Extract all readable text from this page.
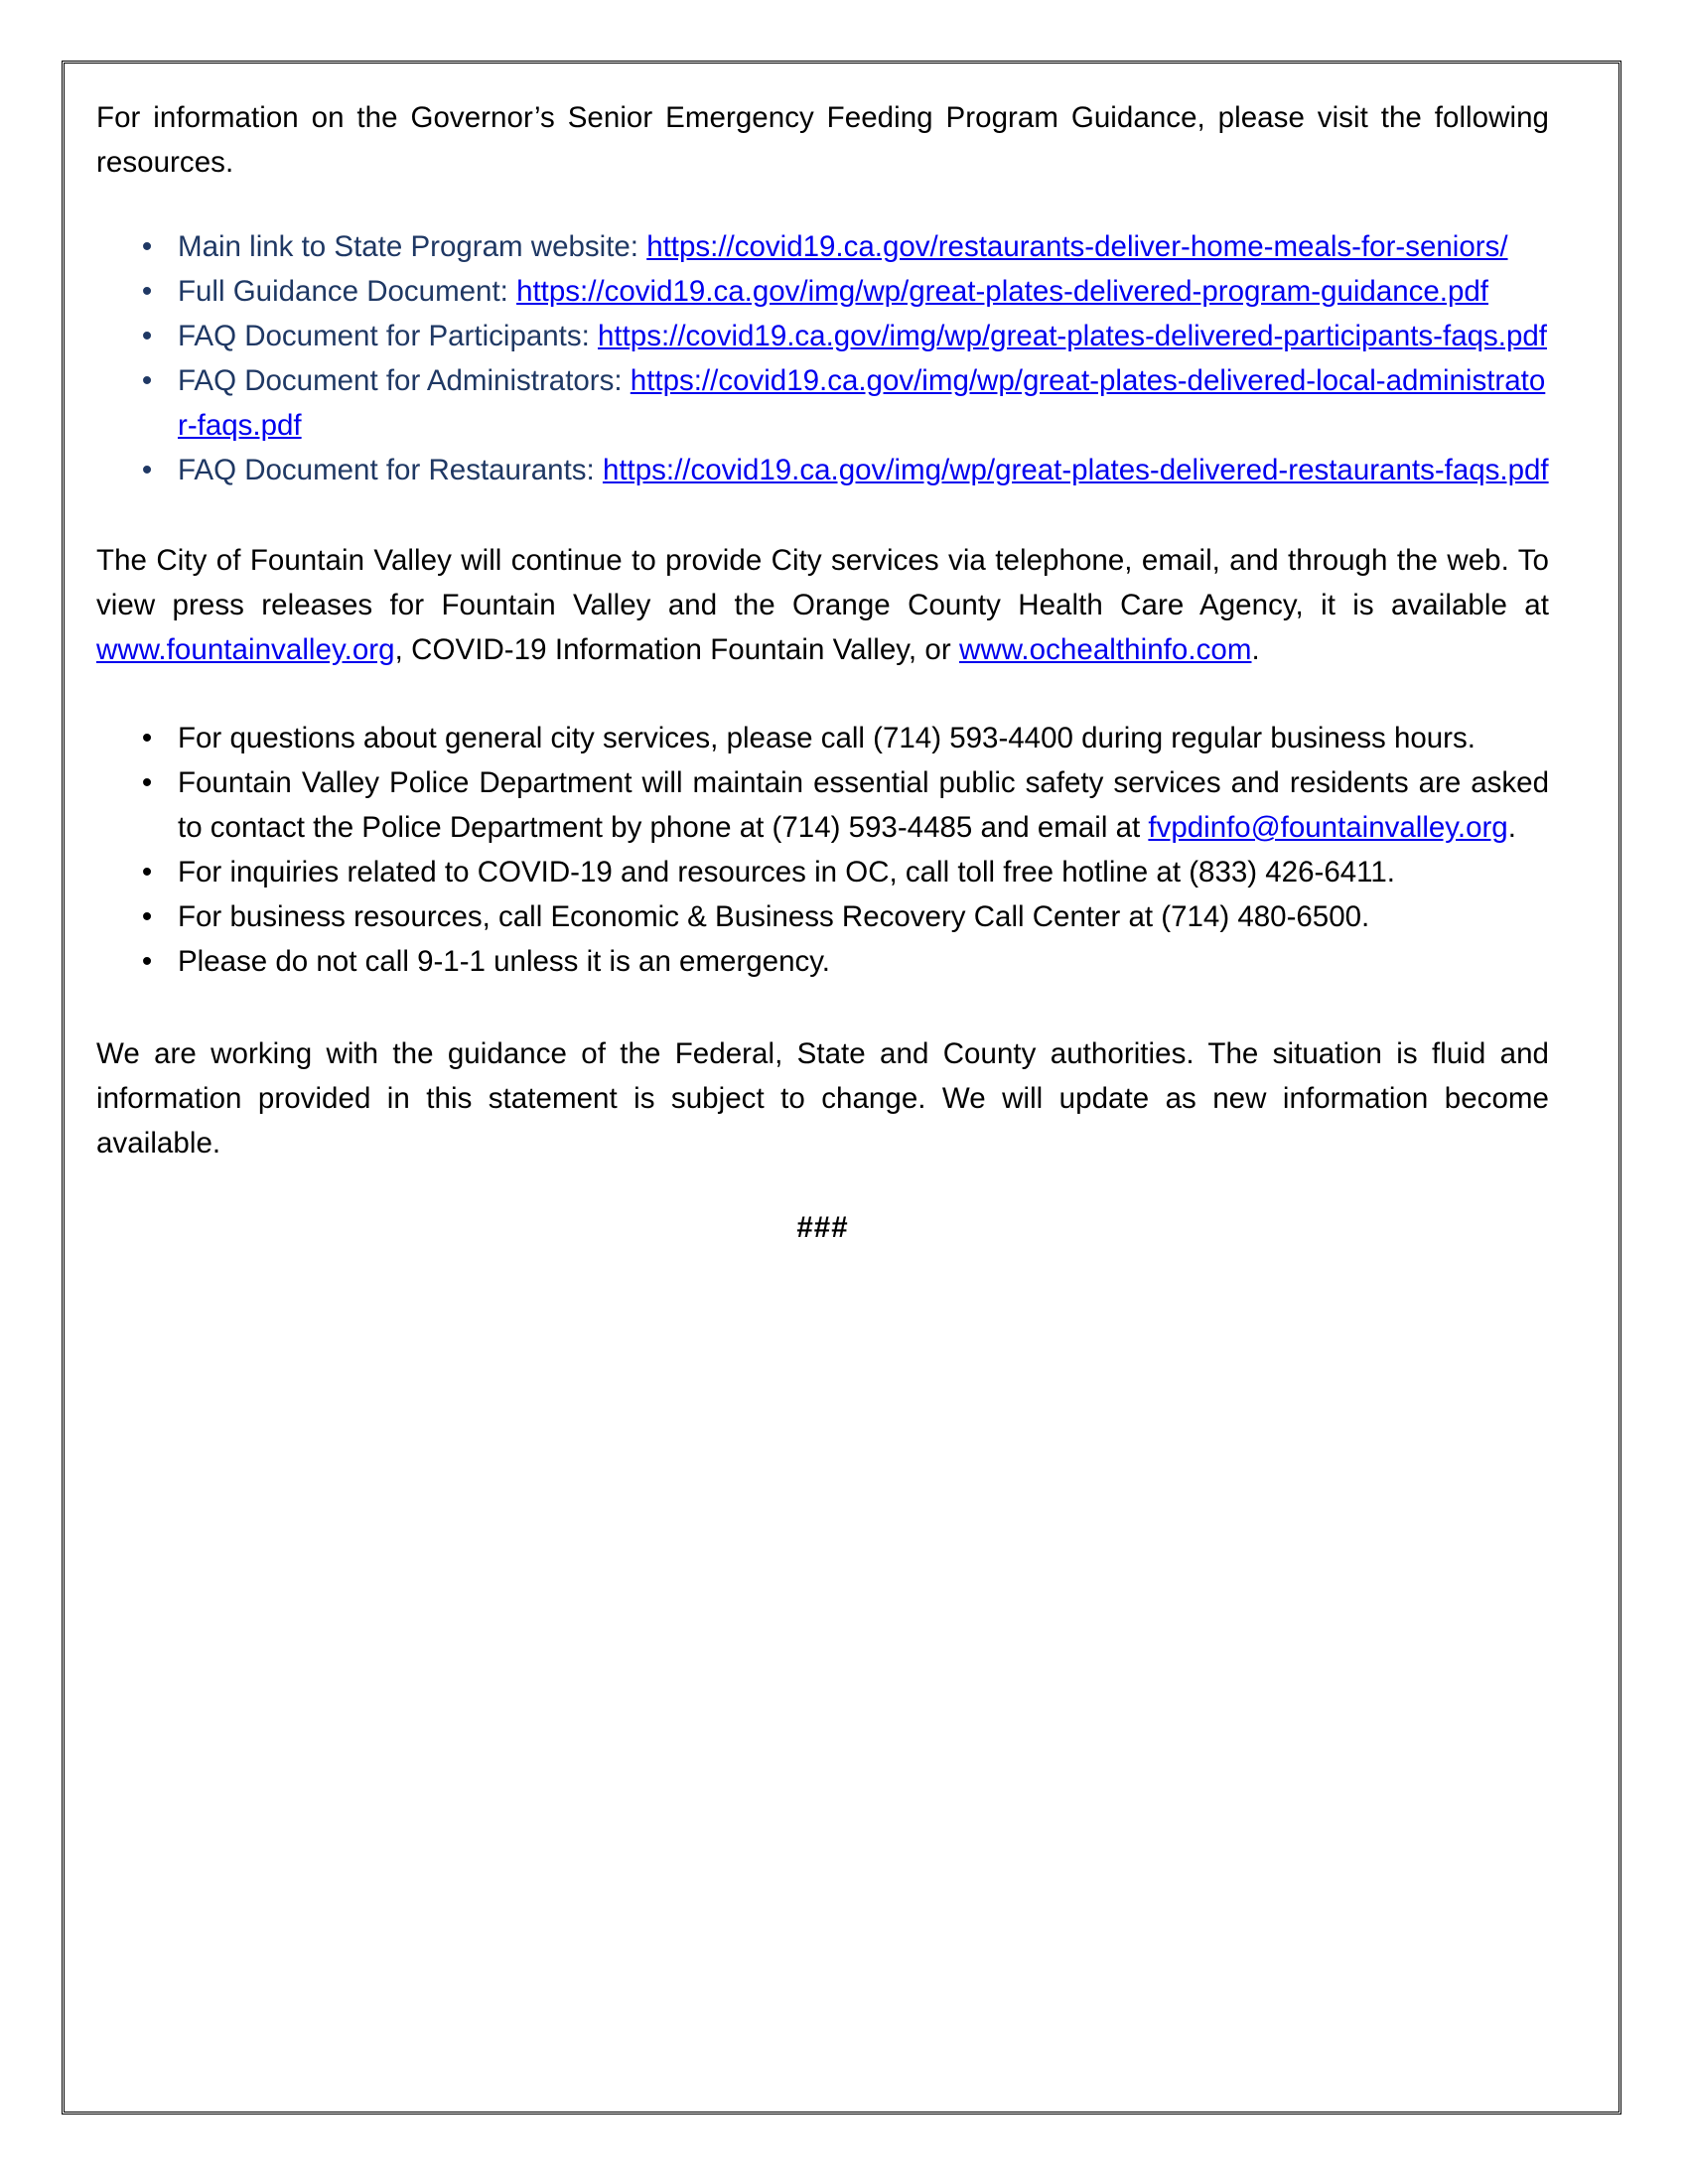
For information on the Governor’s Senior Emergency Feeding Program Guidance, please visit the following resources.

• Main link to State Program website: https://covid19.ca.gov/restaurants-deliver-home-meals-for-seniors/
• Full Guidance Document: https://covid19.ca.gov/img/wp/great-plates-delivered-program-guidance.pdf
• FAQ Document for Participants: https://covid19.ca.gov/img/wp/great-plates-delivered-participants-faqs.pdf
• FAQ Document for Administrators: https://covid19.ca.gov/img/wp/great-plates-delivered-local-administrator-faqs.pdf
• FAQ Document for Restaurants: https://covid19.ca.gov/img/wp/great-plates-delivered-restaurants-faqs.pdf

The City of Fountain Valley will continue to provide City services via telephone, email, and through the web. To view press releases for Fountain Valley and the Orange County Health Care Agency, it is available at www.fountainvalley.org, COVID-19 Information Fountain Valley, or www.ochealthinfo.com.

• For questions about general city services, please call (714) 593-4400 during regular business hours.
• Fountain Valley Police Department will maintain essential public safety services and residents are asked to contact the Police Department by phone at (714) 593-4485 and email at fvpdinfo@fountainvalley.org.
• For inquiries related to COVID-19 and resources in OC, call toll free hotline at (833) 426-6411.
• For business resources, call Economic & Business Recovery Call Center at (714) 480-6500.
• Please do not call 9-1-1 unless it is an emergency.

We are working with the guidance of the Federal, State and County authorities. The situation is fluid and information provided in this statement is subject to change. We will update as new information become available.

###
